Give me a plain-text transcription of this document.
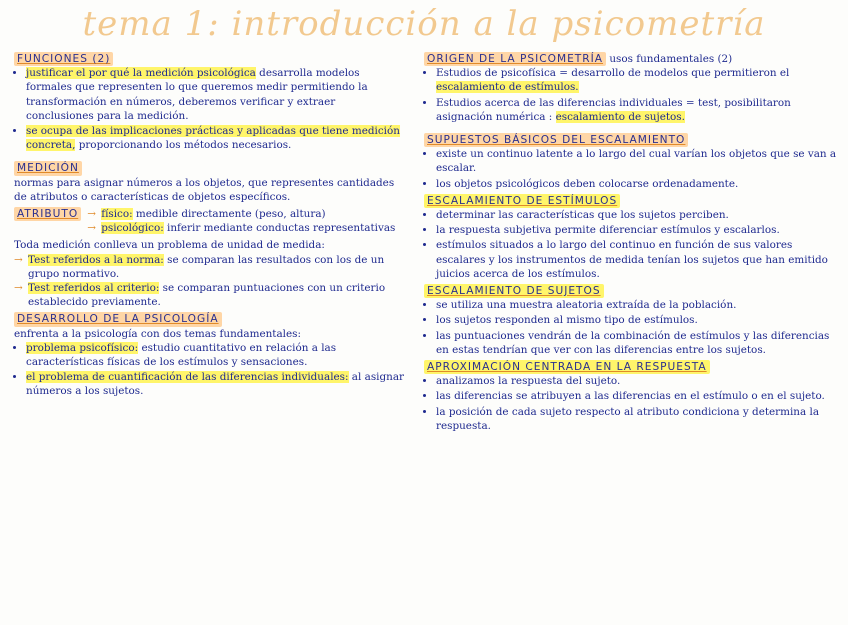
tema 1: introducción a la psicometría
FUNCIONES (2)
• justificar el por qué la medición psicológica desarrolla modelos formales que representen lo que queremos medir permitiendo la transformación en números, deberemos verificar y extraer conclusiones para la medición.
• se ocupa de las implicaciones prácticas y aplicadas que tiene medición concreta, proporcionando los métodos necesarios.
MEDICIÓN

normas para asignar números a los objetos, que representes cantidades de atributos o características de objetos específicos.

ATRIBUTO
→	físico: medible directamente (peso, altura)
→ psicológico: inferir mediante conductas representativas

Toda medición conlleva un problema de unidad de medida:

→ Test referidos a la norma: se comparan las resultados con los de un grupo normativo.
→ Test referidos al criterio: se comparan puntuaciones con un criterio establecido previamente.
DESARROLLO DE LA PSICOLOGÍA

enfrenta a la psicología con dos temas fundamentales:

• problema psicofísico: estudio cuantitativo en relación a las características físicas de los estímulos y sensaciones.
• el problema de cuantificación de las diferencias individuales: al asignar números a los sujetos.
ORIGEN DE LA PSICOMETRÍA usos fundamentales (2)
• Estudios de psicofísica = desarrollo de modelos que permitieron el escalamiento de estímulos.
• Estudios acerca de las diferencias individuales = test, posibilitaron asignación numérica : escalamiento de sujetos.
SUPUESTOS BÁSICOS DEL ESCALAMIENTO
• existe un continuo latente a lo largo del cual varían los objetos que se van a escalar.
• los objetos psicológicos deben colocarse ordenadamente.
ESCALAMIENTO DE ESTÍMULOS
• determinar las características que los sujetos perciben.
• la respuesta subjetiva permite diferenciar estímulos y escalarlos.
• estímulos situados a lo largo del continuo en función de sus valores escalares y los instrumentos de medida tenían los sujetos que han emitido juicios acerca de los estímulos.
ESCALAMIENTO DE SUJETOS
• se utiliza una muestra aleatoria extraída de la población.
• los sujetos responden al mismo tipo de estímulos.
• las puntuaciones vendrán de la combinación de estímulos y las diferencias en estas tendrían que ver con las diferencias entre los sujetos.
APROXIMACIÓN CENTRADA EN LA RESPUESTA
• analizamos la respuesta del sujeto.
• las diferencias se atribuyen a las diferencias en el estímulo o en el sujeto.
• la posición de cada sujeto respecto al atributo condiciona y determina la respuesta.
